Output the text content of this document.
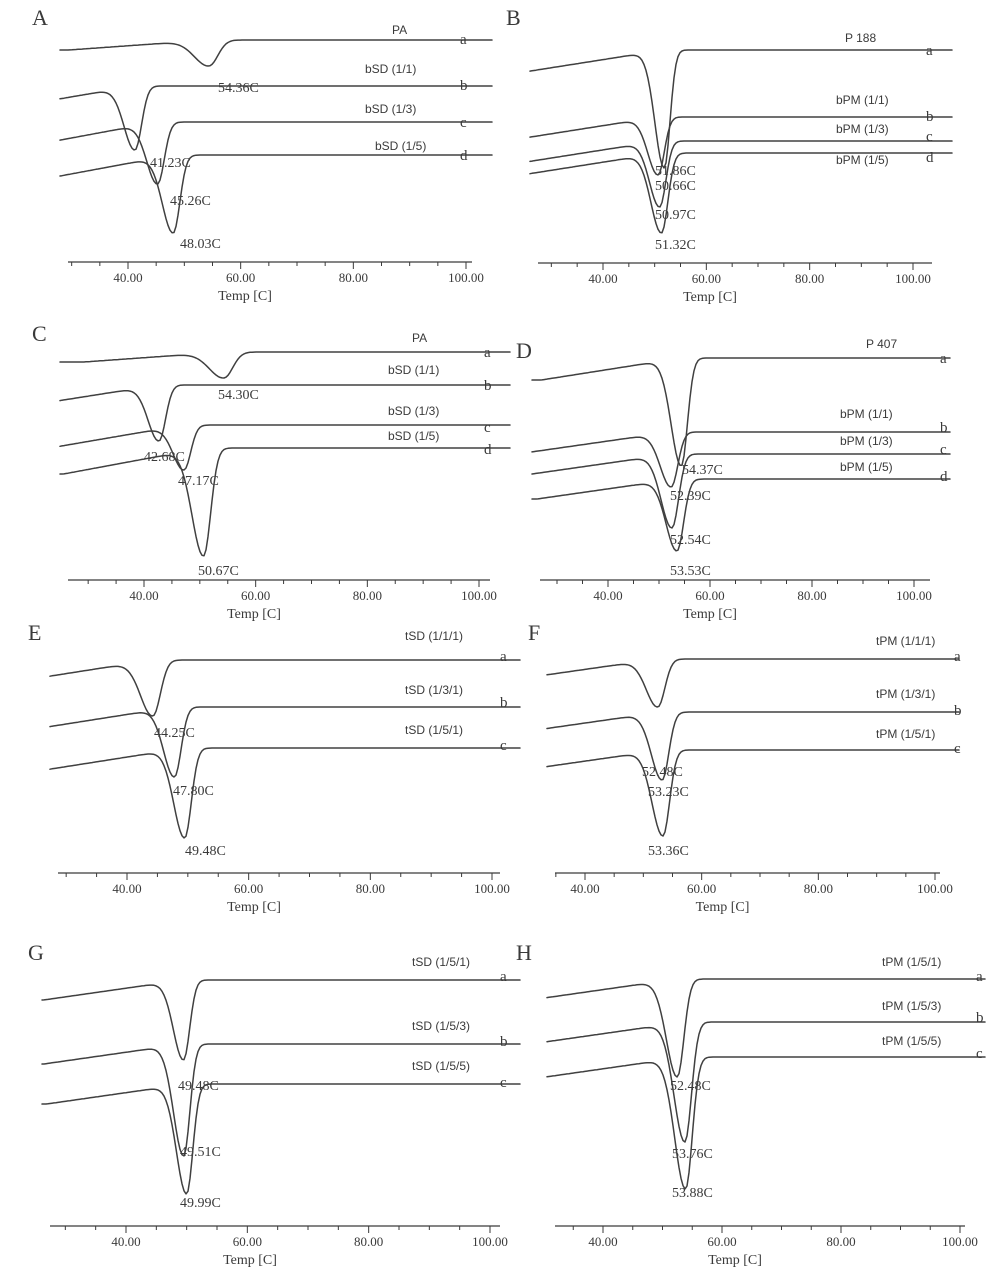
A
40.00	60.00	80.00	100.00
Temp [C]
PA
a
54.36C
bSD (1/1)
b
41.23C
bSD (1/3)
c
45.26C
bSD (1/5)
d
48.03C
B
40.00	60.00	80.00	100.00
Temp [C]
P 188
a
51.86C
bPM (1/1)
b
50.66C
bPM (1/3) c
50.97C
bPM (1/5) d
51.32C
C
40.00	60.00	80.00	100.00
Temp [C]
PA
a
54.30C
bSD (1/1)
b
42.68C
bSD (1/3)
c
47.17C
bSD (1/5)
d
50.67C
D
40.00	60.00	80.00	100.00
Temp [C]
P 407
a
54.37C
bPM (1/1)
b
52.39C
bPM (1/3)
c
52.54C
bPM (1/5)
d
53.53C
E
40.00	60.00	80.00	100.00
Temp [C]
tSD (1/1/1)
a
44.25C
tSD (1/3/1)
b
47.80C
tSD (1/5/1)
c
49.48C
F
40.00	60.00	80.00	100.00
Temp [C]
tPM (1/1/1)
a
52.48C
tPM (1/3/1)
b
53.23C
tPM (1/5/1)
c
53.36C
G
40.00	60.00	80.00	100.00
Temp [C]
tSD (1/5/1)
a
49.48C
tSD (1/5/3)
b
49.51C
tSD (1/5/5)
c
49.99C
H
40.00	60.00	80.00	100.00
Temp [C]
tPM (1/5/1)
a
52.48C
tPM (1/5/3)
b
53.76C
tPM (1/5/5)
c
53.88C
